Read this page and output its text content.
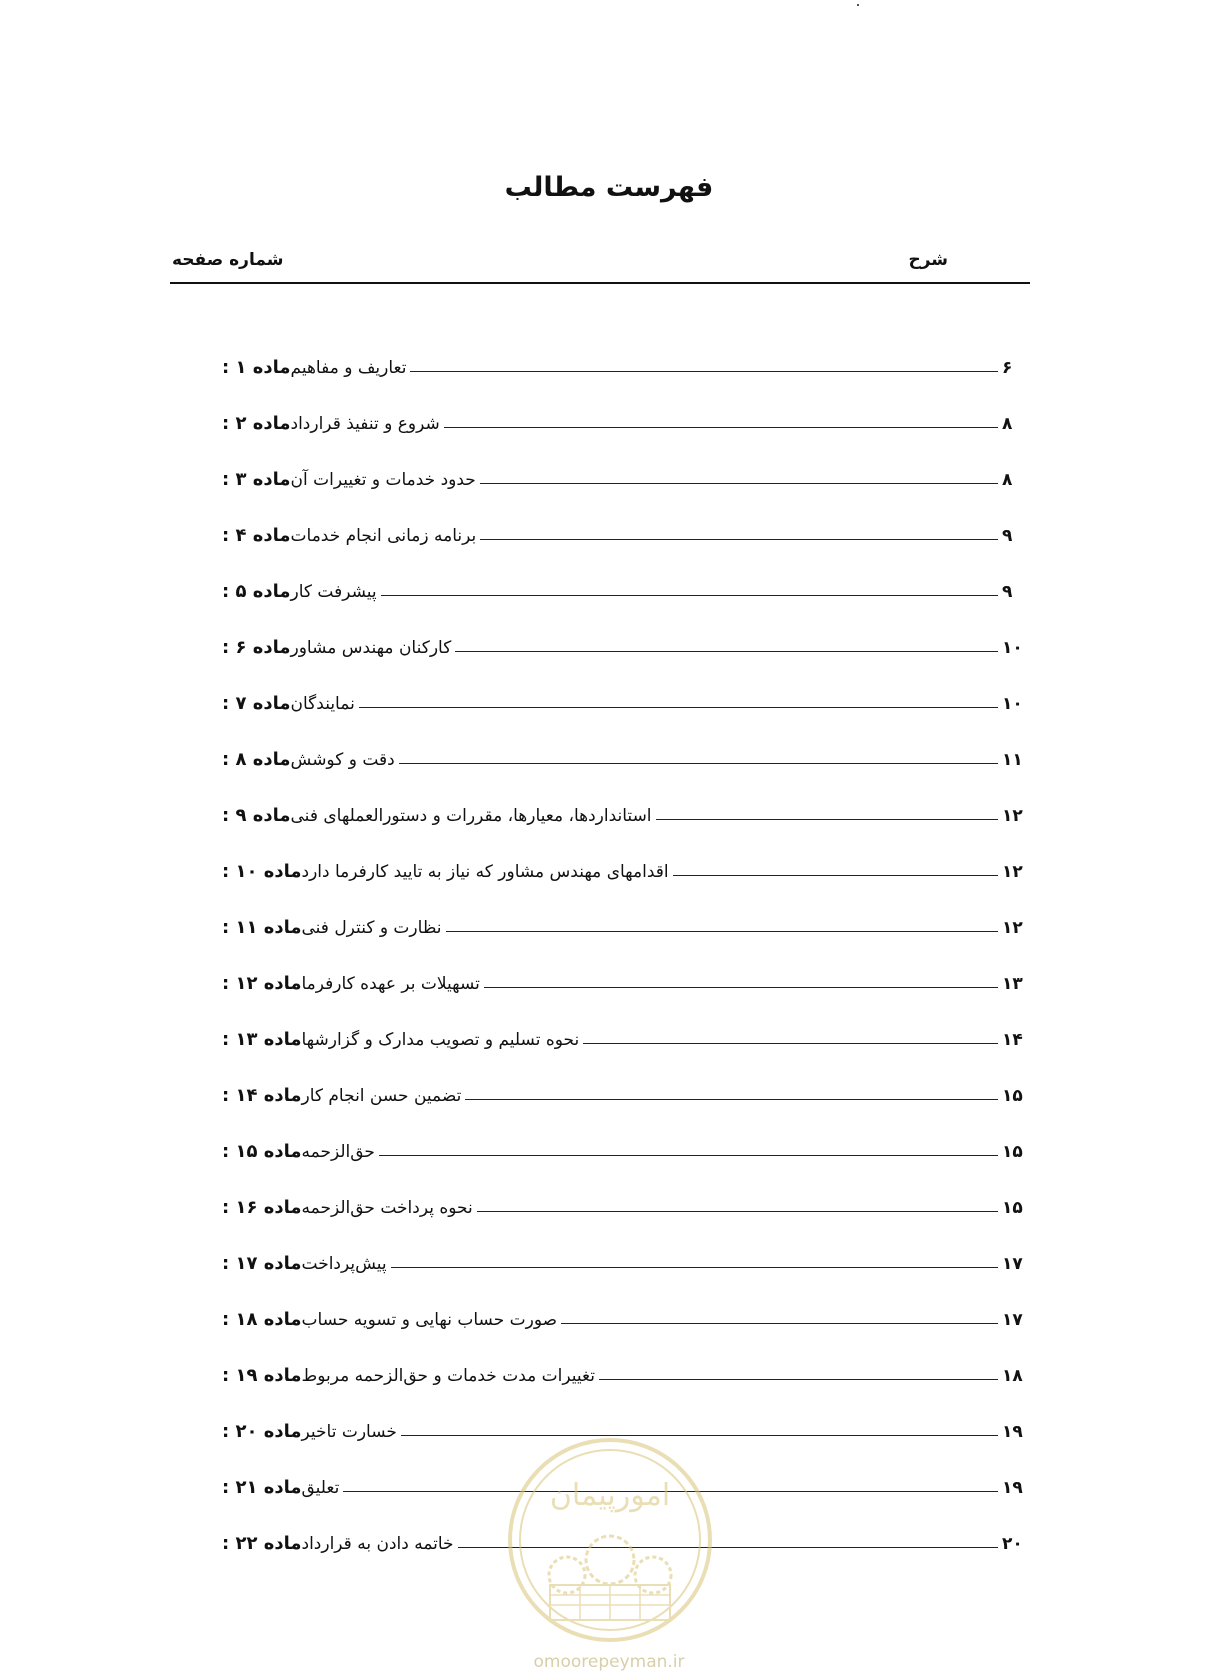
فهرست مطالب
شرح
شماره صفحه
ماده ۱ : تعاریف و مفاهیم	۶
ماده ۲ : شروع و تنفیذ قرارداد	۸
ماده ۳ : حدود خدمات و تغییرات آن	۸
ماده ۴ : برنامه زمانی انجام خدمات	۹
ماده ۵ : پیشرفت کار	۹
ماده ۶ : کارکنان مهندس مشاور	۱۰
ماده ۷ : نمایندگان	۱۰
ماده ۸ : دقت و کوشش	۱۱
ماده ۹ : استانداردها، معیارها، مقررات و دستورالعملهای فنی	۱۲
ماده ۱۰ : اقدامهای مهندس مشاور که نیاز به تایید کارفرما دارد	۱۲
ماده ۱۱ : نظارت و کنترل فنی	۱۲
ماده ۱۲ : تسهیلات بر عهده کارفرما	۱۳
ماده ۱۳ : نحوه تسلیم و تصویب مدارک و گزارشها	۱۴
ماده ۱۴ : تضمین حسن انجام کار	۱۵
ماده ۱۵ : حق‌الزحمه	۱۵
ماده ۱۶ : نحوه پرداخت حق‌الزحمه	۱۵
ماده ۱۷ : پیش‌پرداخت	۱۷
ماده ۱۸ : صورت حساب نهایی و تسویه حساب	۱۷
ماده ۱۹ : تغییرات مدت خدمات و حق‌الزحمه مربوط	۱۸
ماده ۲۰ : خسارت تاخیر	۱۹
ماده ۲۱ : تعلیق	۱۹
ماده ۲۲ : خاتمه دادن به قرارداد	۲۰
امورپیمان
omoorepeyman.ir
